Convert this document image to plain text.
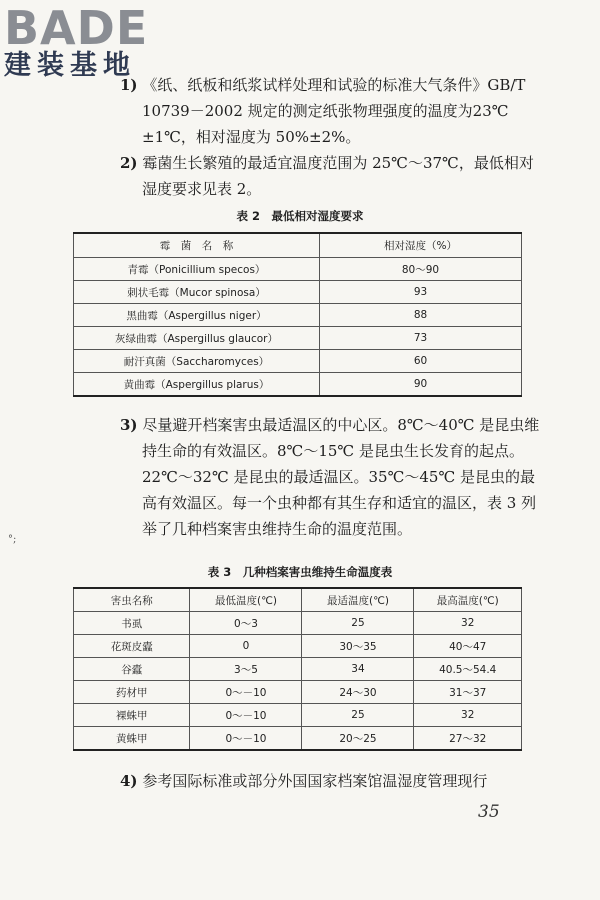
BADE
建装基地

1) 《纸、纸板和纸浆试样处理和试验的标准大气条件》GB/T 10739－2002 规定的测定纸张物理强度的温度为23℃±1℃，相对湿度为 50%±2%。

2) 霉菌生长繁殖的最适宜温度范围为 25℃～37℃，最低相对湿度要求见表 2。

表 2　最低相对湿度要求
霉　菌　名　称	相对湿度（%）
青霉（Ponicillium specos）	80～90
刺状毛霉（Mucor spinosa）	93
黑曲霉（Aspergillus niger）	88
灰绿曲霉（Aspergillus glaucor）	73
耐汗真菌（Saccharomyces）	60
黄曲霉（Aspergillus plarus）	90

3) 尽量避开档案害虫最适温区的中心区。8℃～40℃ 是昆虫维持生命的有效温区。8℃～15℃ 是昆虫生长发育的起点。22℃～32℃ 是昆虫的最适温区。35℃～45℃ 是昆虫的最高有效温区。每一个虫种都有其生存和适宜的温区，表 3 列举了几种档案害虫维持生命的温度范围。

°;
表 3　几种档案害虫维持生命温度表
害虫名称	最低温度(℃)	最适温度(℃)	最高温度(℃)
书虱	0～3	25	32
花斑皮蠹	0	30～35	40～47
谷蠹	3～5	34	40.5～54.4
药材甲	0～－10	24～30	31～37
裸蛛甲	0～－10	25	32
黄蛛甲	0～－10	20～25	27～32

4) 参考国际标准或部分外国国家档案馆温湿度管理现行

35
